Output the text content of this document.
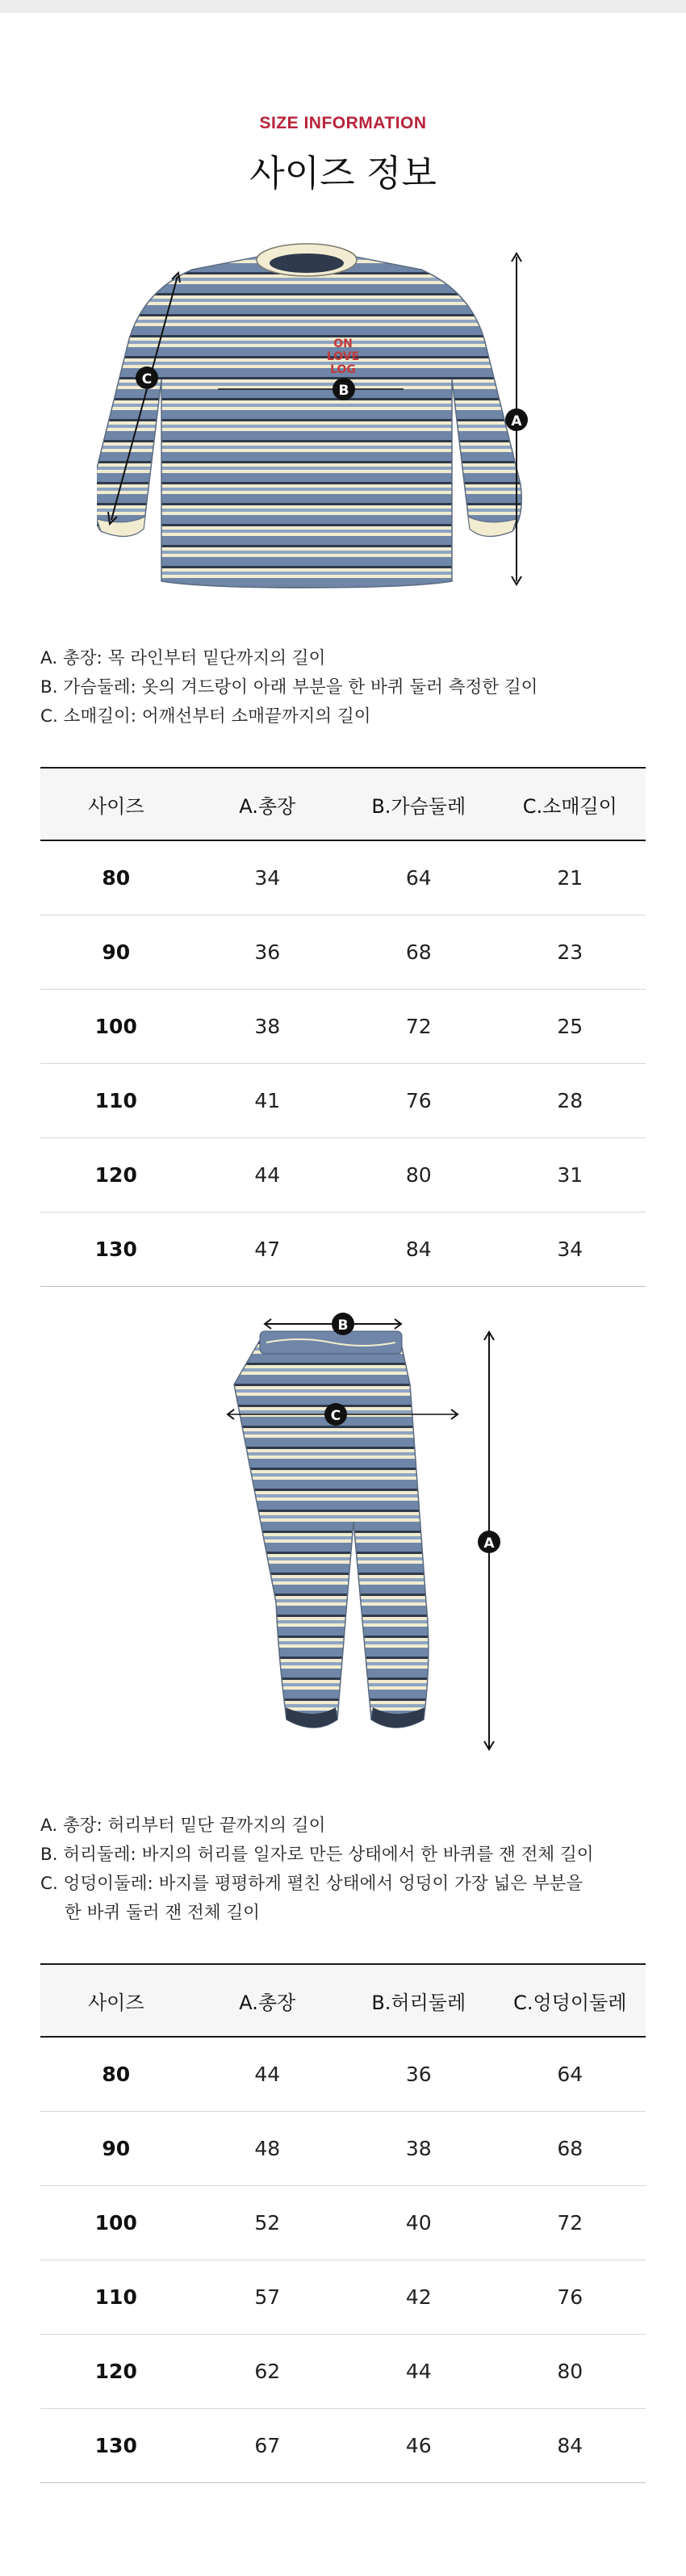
SIZE INFORMATION
사이즈 정보
ON
LOVE
LOG
A
B
C
A. 총장: 목 라인부터 밑단까지의 길이
B. 가슴둘레: 옷의 겨드랑이 아래 부분을 한 바퀴 둘러 측정한 길이
C. 소매길이: 어깨선부터 소매끝까지의 길이
사이즈	A.총장	B.가슴둘레	C.소매길이
80	34	64	21
90	36	68	23
100	38	72	25
110	41	76	28
120	44	80	31
130	47	84	34
B
C
A
A. 총장: 허리부터 밑단 끝까지의 길이
B. 허리둘레: 바지의 허리를 일자로 만든 상태에서 한 바퀴를 잰 전체 길이
C. 엉덩이둘레: 바지를 평평하게 펼친 상태에서 엉덩이 가장 넓은 부분을
한 바퀴 둘러 잰 전체 길이
사이즈	A.총장	B.허리둘레	C.엉덩이둘레
80	44	36	64
90	48	38	68
100	52	40	72
110	57	42	76
120	62	44	80
130	67	46	84
